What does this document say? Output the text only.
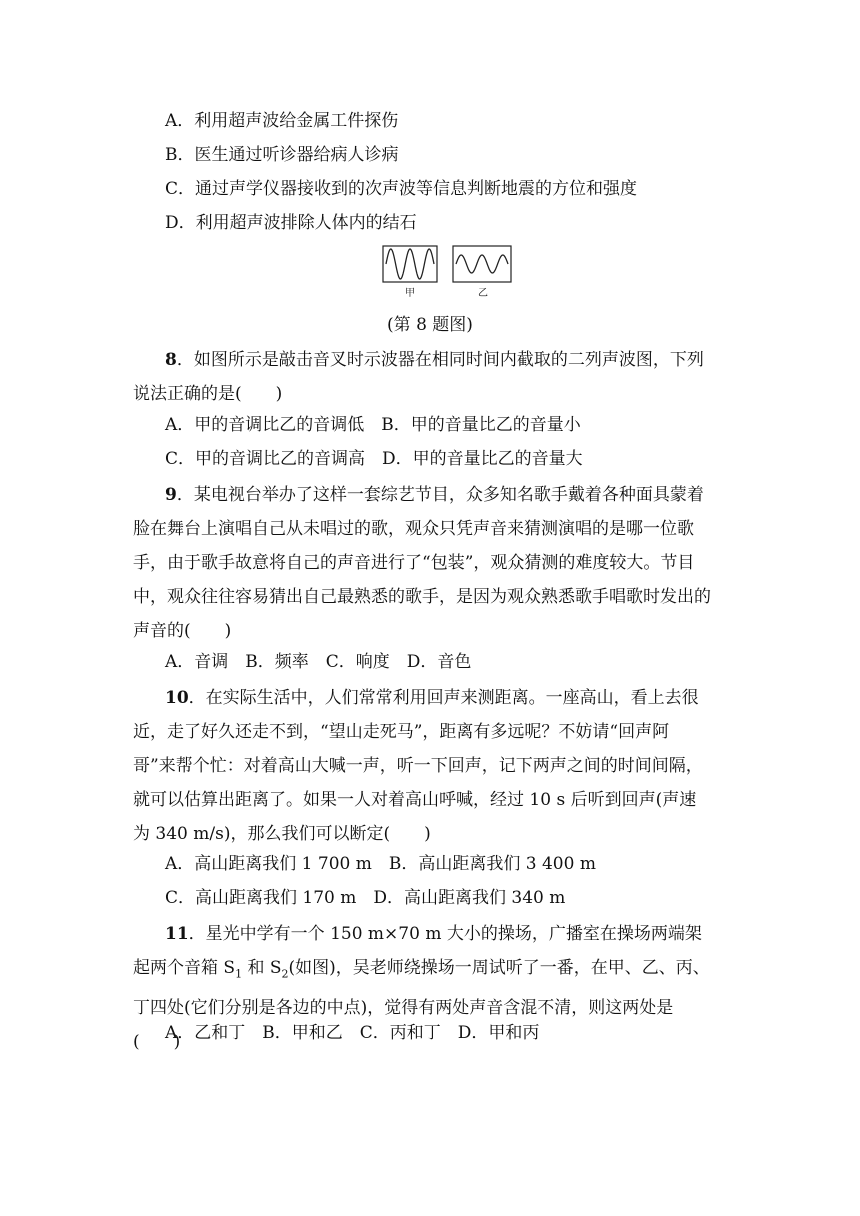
A．利用超声波给金属工件探伤
B．医生通过听诊器给病人诊病
C．通过声学仪器接收到的次声波等信息判断地震的方位和强度
D．利用超声波排除人体内的结石
甲	乙
(第 8 题图)
8．如图所示是敲击音叉时示波器在相同时间内截取的二列声波图，下列说法正确的是(　　)
A．甲的音调比乙的音调低　B．甲的音量比乙的音量小
C．甲的音调比乙的音调高　D．甲的音量比乙的音量大
9．某电视台举办了这样一套综艺节目，众多知名歌手戴着各种面具蒙着脸在舞台上演唱自己从未唱过的歌，观众只凭声音来猜测演唱的是哪一位歌手，由于歌手故意将自己的声音进行了“包装”，观众猜测的难度较大。节目中，观众往往容易猜出自己最熟悉的歌手，是因为观众熟悉歌手唱歌时发出的声音的(　　)
A．音调　B．频率　C．响度　D．音色
10．在实际生活中，人们常常利用回声来测距离。一座高山，看上去很近，走了好久还走不到，“望山走死马”，距离有多远呢？不妨请“回声阿哥”来帮个忙：对着高山大喊一声，听一下回声，记下两声之间的时间间隔，就可以估算出距离了。如果一人对着高山呼喊，经过 10 s 后听到回声(声速为 340 m/s)，那么我们可以断定(　　)
A．高山距离我们 1 700 m　B．高山距离我们 3 400 m
C．高山距离我们 170 m　D．高山距离我们 340 m
11．星光中学有一个 150 m×70 m 大小的操场，广播室在操场两端架起两个音箱 $S_1$ 和 $S_2$(如图)，吴老师绕操场一周试听了一番，在甲、乙、丙、丁四处(它们分别是各边的中点)，觉得有两处声音含混不清，则这两处是(　　)
A．乙和丁　B．甲和乙　C．丙和丁　D．甲和丙
